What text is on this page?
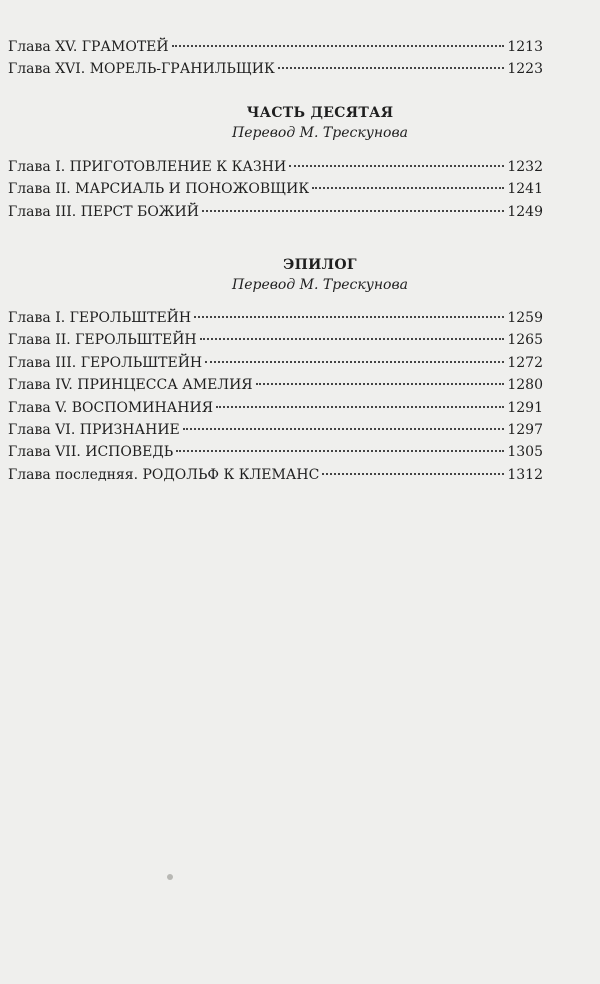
Глава XV. ГРАМОТЕЙ	1213
Глава XVI. МОРЕЛЬ-ГРАНИЛЬЩИК	1223
ЧАСТЬ ДЕСЯТАЯ

Перевод М. Трескунова

Глава I. ПРИГОТОВЛЕНИЕ К КАЗНИ	1232
Глава II. МАРСИАЛЬ И ПОНОЖОВЩИК	1241
Глава III. ПЕРСТ БОЖИЙ	1249
ЭПИЛОГ

Перевод М. Трескунова

Глава I. ГЕРОЛЬШТЕЙН	1259
Глава II. ГЕРОЛЬШТЕЙН	1265
Глава III. ГЕРОЛЬШТЕЙН	1272
Глава IV. ПРИНЦЕССА АМЕЛИЯ	1280
Глава V. ВОСПОМИНАНИЯ	1291
Глава VI. ПРИЗНАНИЕ	1297
Глава VII. ИСПОВЕДЬ	1305
Глава последняя. РОДОЛЬФ К КЛЕМАНС	1312
